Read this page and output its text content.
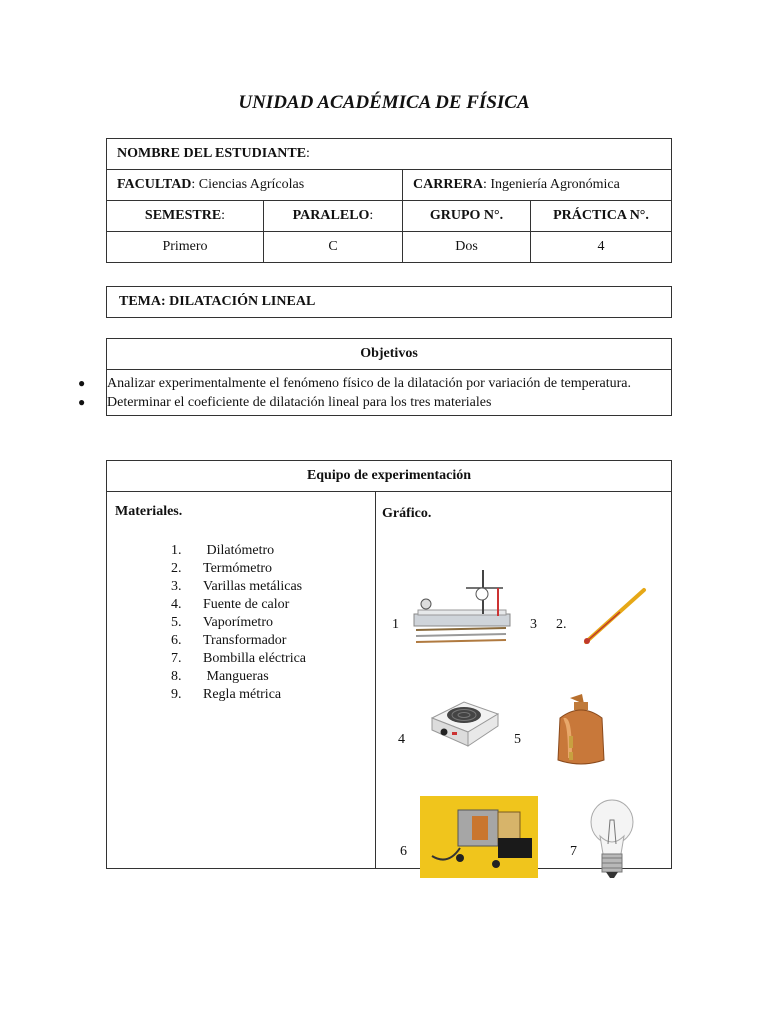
UNIDAD ACADÉMICA DE FÍSICA
NOMBRE DEL ESTUDIANTE:			
FACULTAD: Ciencias Agrícolas		CARRERA: Ingeniería Agronómica	
SEMESTRE:	PARALELO:	GRUPO N°.	PRÁCTICA N°.
Primero	C	Dos	4
TEMA: DILATACIÓN LINEAL
Objetivos

● Analizar experimentalmente el fenómeno físico de la dilatación por variación de temperatura.
● Determinar el coeficiente de dilatación lineal para los tres materiales
Equipo de experimentación

Materiales.
1.	Dilatómetro
2.	Termómetro
3.	Varillas metálicas
4.	Fuente de calor
5.	Vaporímetro
6.	Transformador
7.	Bombilla eléctrica
8.	Mangueras
9.	Regla métrica

Gráfico.
1	3 2.
4	5
6	7
